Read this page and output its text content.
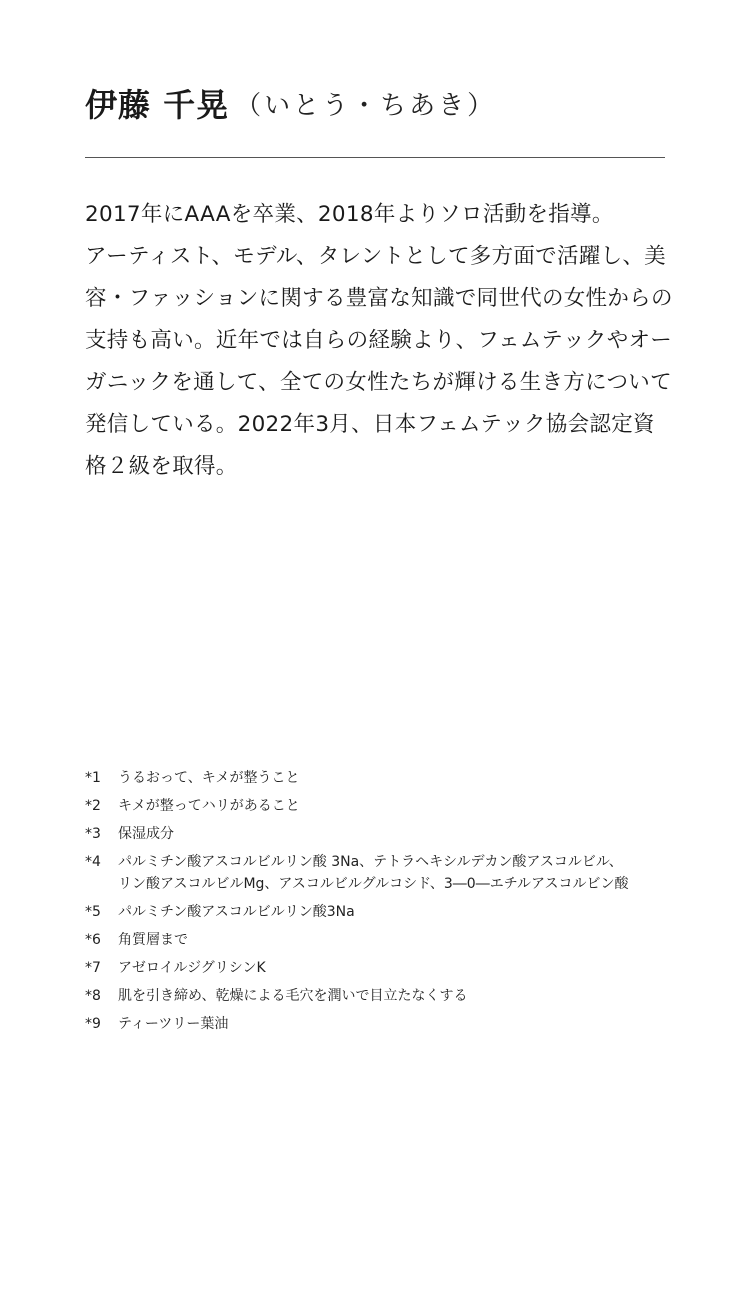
伊藤 千晃 （いとう・ちあき）

2017年にAAAを卒業、2018年よりソロ活動を指導。

アーティスト、モデル、タレントとして多方面で活躍し、美容・ファッションに関する豊富な知識で同世代の女性からの支持も高い。近年では自らの経験より、フェムテックやオーガニックを通して、全ての女性たちが輝ける生き方について発信している。2022年3月、日本フェムテック協会認定資格２級を取得。

*1	うるおって、キメが整うこと
*2	キメが整ってハリがあること
*3	保湿成分
*4	パルミチン酸アスコルビルリン酸 3Na、テトラヘキシルデカン酸アスコルビル、
リン酸アスコルビルMg、アスコルビルグルコシド、3―0―エチルアスコルビン酸
*5	パルミチン酸アスコルビルリン酸3Na
*6	角質層まで
*7	アゼロイルジグリシンK
*8	肌を引き締め、乾燥による毛穴を潤いで目立たなくする
*9	ティーツリー葉油
